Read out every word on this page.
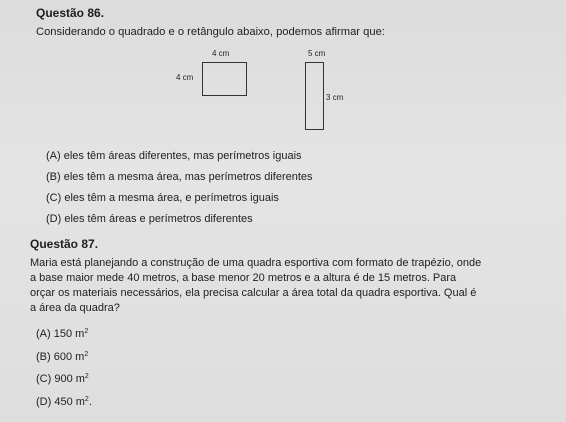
Questão 86.
Considerando o quadrado e o retângulo abaixo, podemos afirmar que:
4 cm
4 cm
5 cm
3 cm
(A) eles têm áreas diferentes, mas perímetros iguais
(B) eles têm a mesma área, mas perímetros diferentes
(C) eles têm a mesma área, e perímetros iguais
(D) eles têm áreas e perímetros diferentes
Questão 87.
Maria está planejando a construção de uma quadra esportiva com formato de trapézio, onde
a base maior mede 40 metros, a base menor 20 metros e a altura é de 15 metros. Para
orçar os materiais necessários, ela precisa calcular a área total da quadra esportiva. Qual é
a área da quadra?
(A) 150 $m^2$
(B) 600 $m^2$
(C) 900 $m^2$
(D) 450 $m^2$.
